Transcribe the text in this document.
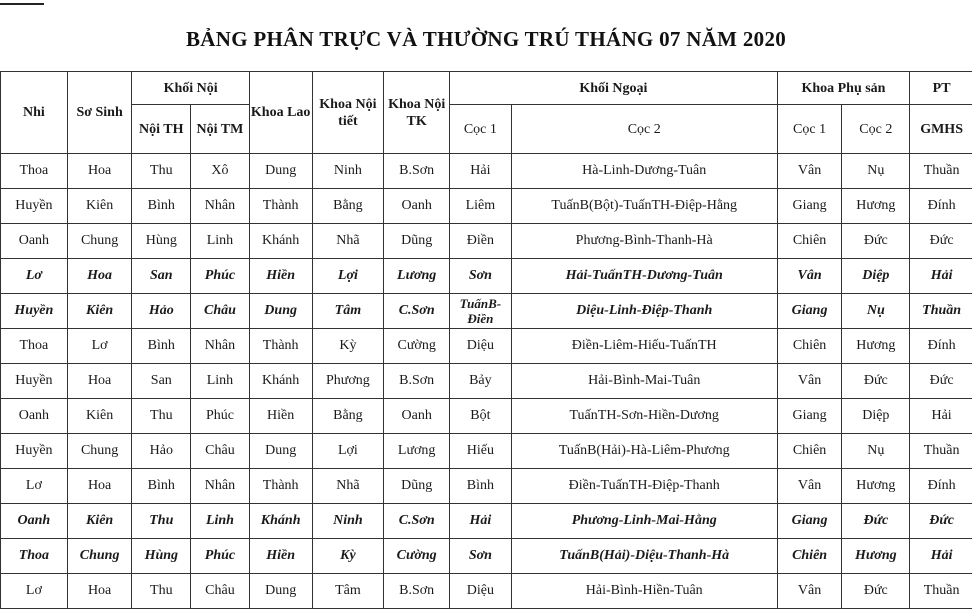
BẢNG PHÂN TRỰC VÀ THƯỜNG TRÚ THÁNG 07 NĂM 2020
Nhi	Sơ Sinh	Khối Nội		Khoa Lao	Khoa Nội tiết	Khoa Nội TK	Khối Ngoại		Khoa Phụ sản		PT
		Nội TH	Nội TM				Cọc 1	Cọc 2	Cọc 1	Cọc 2	GMHS
Thoa	Hoa	Thu	Xô	Dung	Ninh	B.Sơn	Hải	Hà-Linh-Dương-Tuân	Vân	Nụ	Thuần
Huyền	Kiên	Bình	Nhân	Thành	Bằng	Oanh	Liêm	TuấnB(Bột)-TuấnTH-Điệp-Hằng	Giang	Hương	Đính
Oanh	Chung	Hùng	Linh	Khánh	Nhã	Dũng	Điền	Phương-Bình-Thanh-Hà	Chiên	Đức	Đức
Lơ	Hoa	San	Phúc	Hiền	Lợi	Lương	Sơn	Hải-TuấnTH-Dương-Tuân	Vân	Diệp	Hải
Huyền	Kiên	Hảo	Châu	Dung	Tâm	C.Sơn	TuấnB-Điền	Diệu-Linh-Điệp-Thanh	Giang	Nụ	Thuần
Thoa	Lơ	Bình	Nhân	Thành	Kỳ	Cường	Diệu	Điền-Liêm-Hiếu-TuấnTH	Chiên	Hương	Đính
Huyền	Hoa	San	Linh	Khánh	Phương	B.Sơn	Bảy	Hải-Bình-Mai-Tuân	Vân	Đức	Đức
Oanh	Kiên	Thu	Phúc	Hiền	Bằng	Oanh	Bột	TuấnTH-Sơn-Hiền-Dương	Giang	Diệp	Hải
Huyền	Chung	Hảo	Châu	Dung	Lợi	Lương	Hiếu	TuấnB(Hải)-Hà-Liêm-Phương	Chiên	Nụ	Thuần
Lơ	Hoa	Bình	Nhân	Thành	Nhã	Dũng	Bình	Điền-TuấnTH-Điệp-Thanh	Vân	Hương	Đính
Oanh	Kiên	Thu	Linh	Khánh	Ninh	C.Sơn	Hải	Phương-Linh-Mai-Hằng	Giang	Đức	Đức
Thoa	Chung	Hùng	Phúc	Hiền	Kỳ	Cường	Sơn	TuấnB(Hải)-Diệu-Thanh-Hà	Chiên	Hương	Hải
Lơ	Hoa	Thu	Châu	Dung	Tâm	B.Sơn	Diệu	Hải-Bình-Hiền-Tuân	Vân	Đức	Thuần
